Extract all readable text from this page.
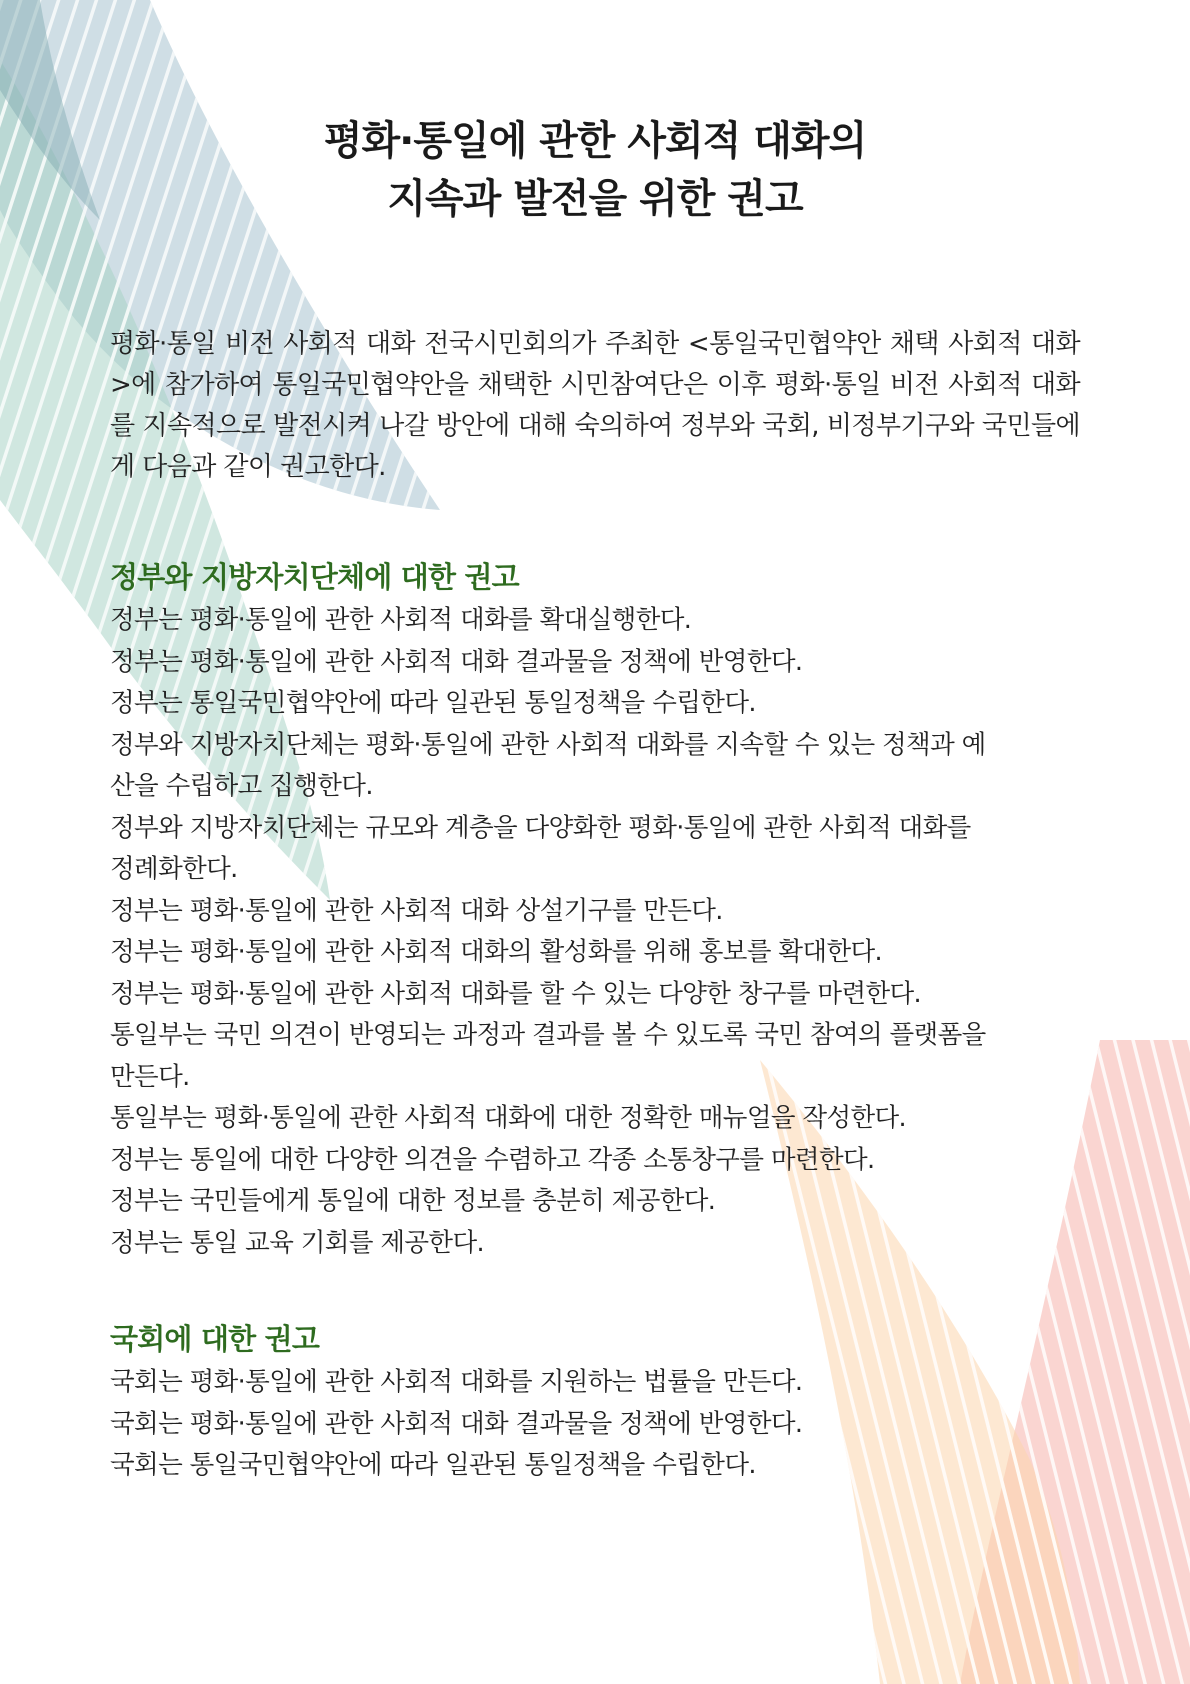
평화·통일에 관한 사회적 대화의
지속과 발전을 위한 권고

평화·통일 비전 사회적 대화 전국시민회의가 주최한 <통일국민협약안 채택 사회적 대화>에 참가하여 통일국민협약안을 채택한 시민참여단은 이후 평화·통일 비전 사회적 대화를 지속적으로 발전시켜 나갈 방안에 대해 숙의하여 정부와 국회, 비정부기구와 국민들에게 다음과 같이 권고한다.

정부와 지방자치단체에 대한 권고
정부는 평화·통일에 관한 사회적 대화를 확대실행한다.
정부는 평화·통일에 관한 사회적 대화 결과물을 정책에 반영한다.
정부는 통일국민협약안에 따라 일관된 통일정책을 수립한다.
정부와 지방자치단체는 평화·통일에 관한 사회적 대화를 지속할 수 있는 정책과 예산을 수립하고 집행한다.
정부와 지방자치단체는 규모와 계층을 다양화한 평화·통일에 관한 사회적 대화를 정례화한다.
정부는 평화·통일에 관한 사회적 대화 상설기구를 만든다.
정부는 평화·통일에 관한 사회적 대화의 활성화를 위해 홍보를 확대한다.
정부는 평화·통일에 관한 사회적 대화를 할 수 있는 다양한 창구를 마련한다.
통일부는 국민 의견이 반영되는 과정과 결과를 볼 수 있도록 국민 참여의 플랫폼을 만든다.
통일부는 평화·통일에 관한 사회적 대화에 대한 정확한 매뉴얼을 작성한다.
정부는 통일에 대한 다양한 의견을 수렴하고 각종 소통창구를 마련한다.
정부는 국민들에게 통일에 대한 정보를 충분히 제공한다.
정부는 통일 교육 기회를 제공한다.
국회에 대한 권고
국회는 평화·통일에 관한 사회적 대화를 지원하는 법률을 만든다.
국회는 평화·통일에 관한 사회적 대화 결과물을 정책에 반영한다.
국회는 통일국민협약안에 따라 일관된 통일정책을 수립한다.
